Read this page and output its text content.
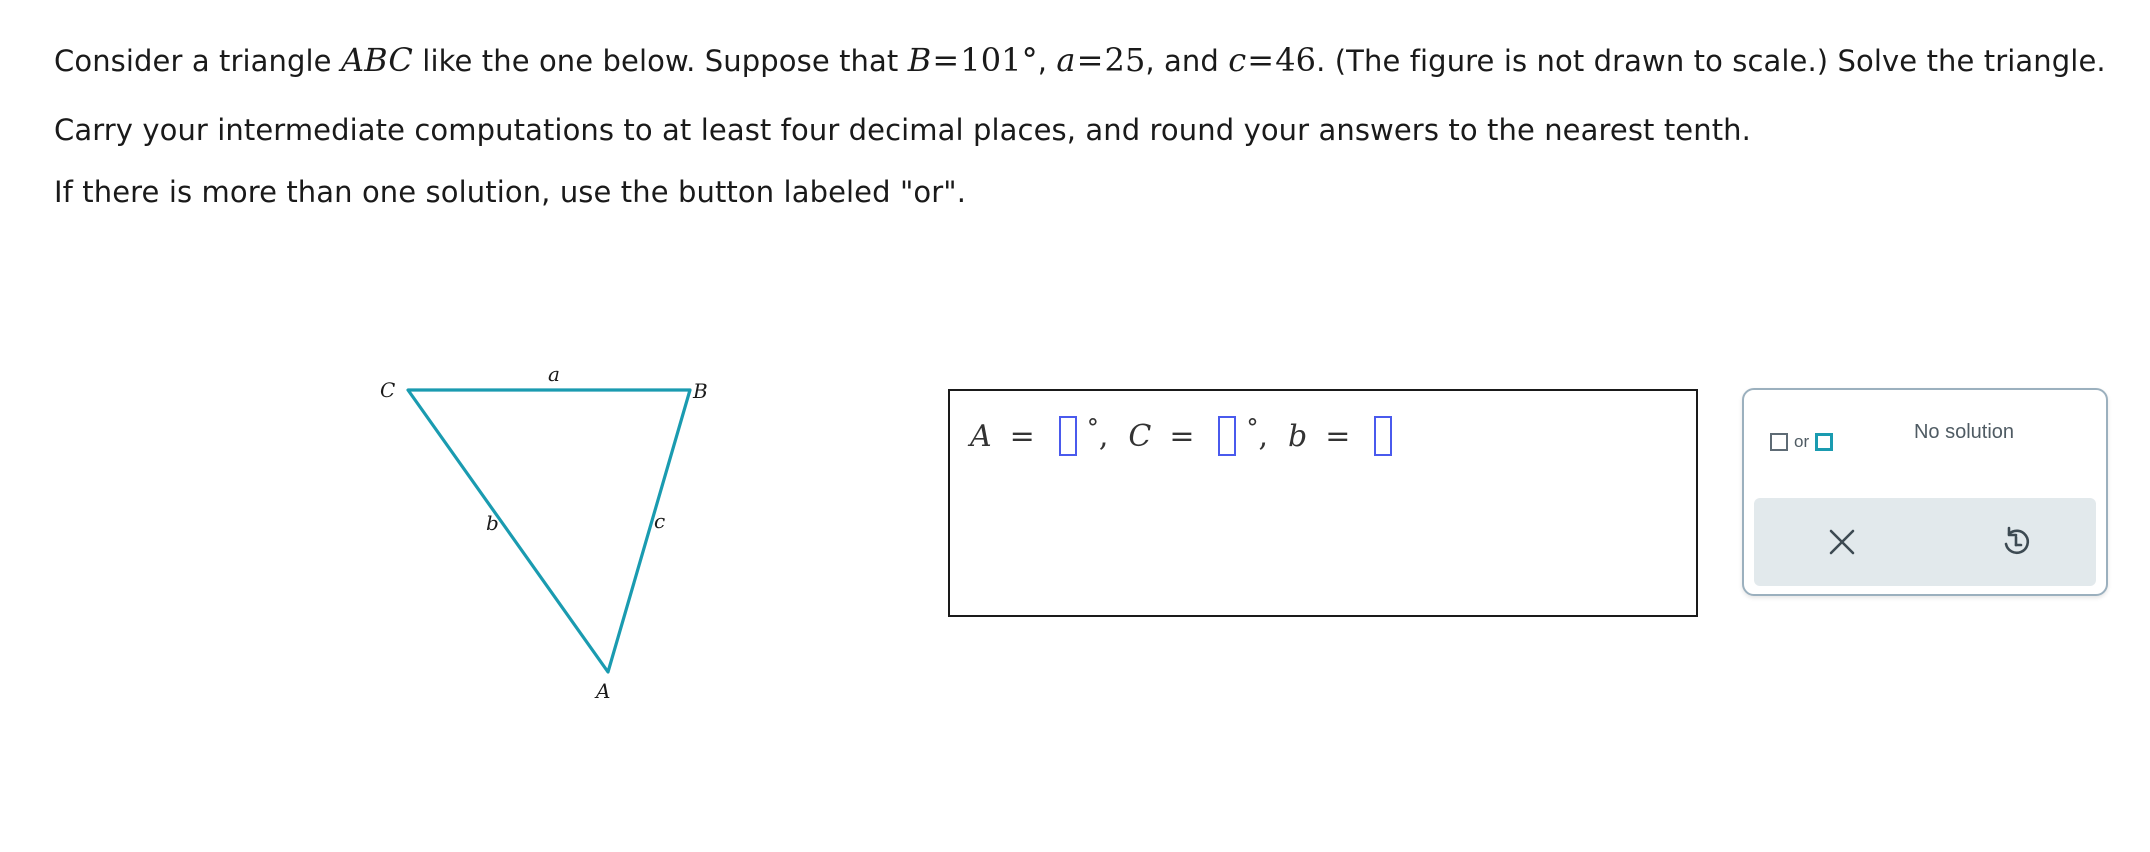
Consider a triangle ABC like the one below. Suppose that B=101°, a=25, and c=46. (The figure is not drawn to scale.) Solve the triangle.

Carry your intermediate computations to at least four decimal places, and round your answers to the nearest tenth.

If there is more than one solution, use the button labeled "or".

C	B
A
a
b	c
A = ° , C = ° , b =	or	No solution
